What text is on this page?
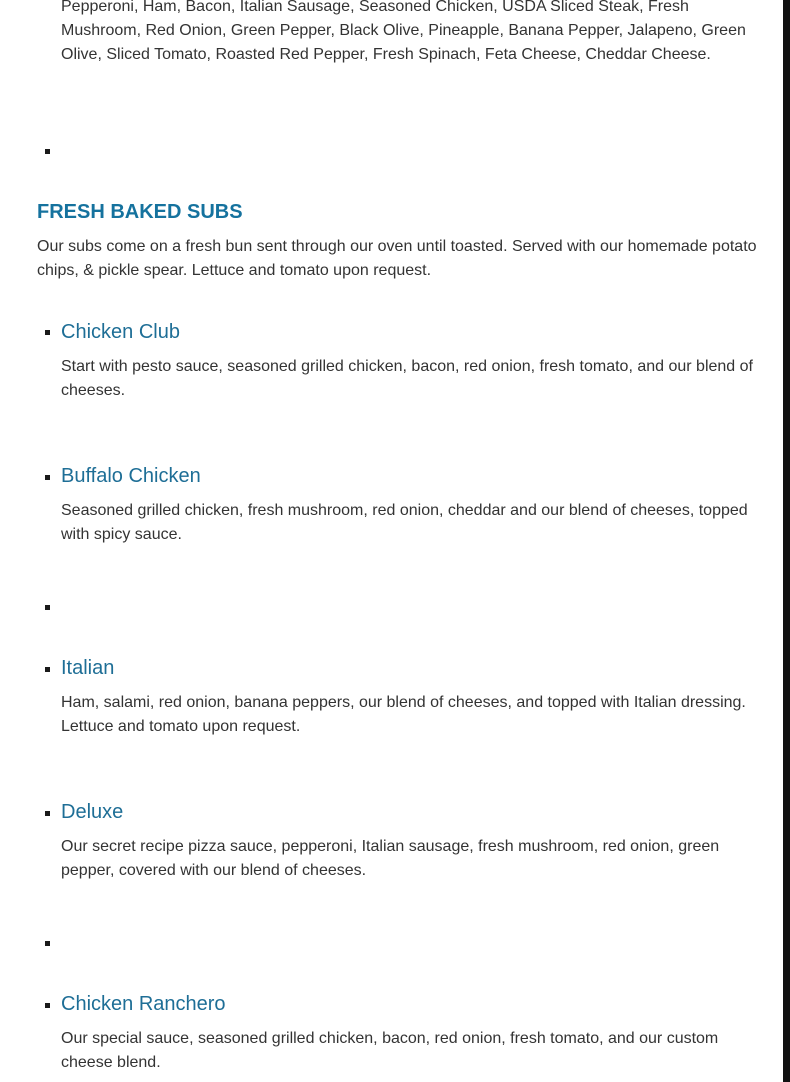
Pepperoni, Ham, Bacon, Italian Sausage, Seasoned Chicken, USDA Sliced Steak, Fresh Mushroom, Red Onion, Green Pepper, Black Olive, Pineapple, Banana Pepper, Jalapeno, Green Olive, Sliced Tomato, Roasted Red Pepper, Fresh Spinach, Feta Cheese, Cheddar Cheese.

FRESH BAKED SUBS

Our subs come on a fresh bun sent through our oven until toasted. Served with our homemade potato chips, & pickle spear. Lettuce and tomato upon request.

Chicken Club

Start with pesto sauce, seasoned grilled chicken, bacon, red onion, fresh tomato, and our blend of cheeses.

Buffalo Chicken

Seasoned grilled chicken, fresh mushroom, red onion, cheddar and our blend of cheeses, topped with spicy sauce.

Italian

Ham, salami, red onion, banana peppers, our blend of cheeses, and topped with Italian dressing. Lettuce and tomato upon request.

Deluxe

Our secret recipe pizza sauce, pepperoni, Italian sausage, fresh mushroom, red onion, green pepper, covered with our blend of cheeses.

Chicken Ranchero

Our special sauce, seasoned grilled chicken, bacon, red onion, fresh tomato, and our custom cheese blend.
